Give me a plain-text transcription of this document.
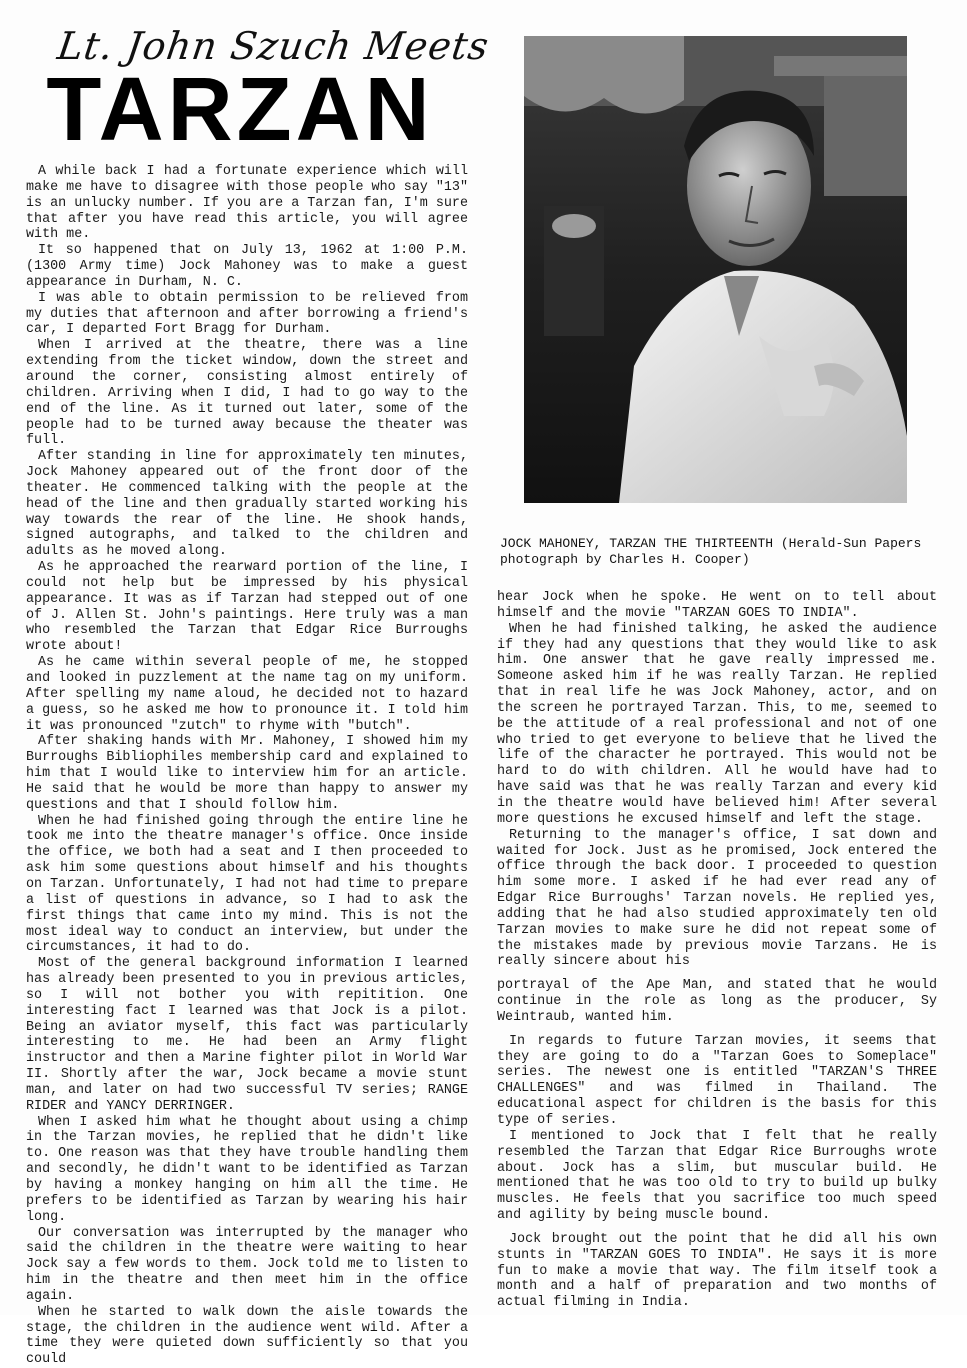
Lt. John Szuch Meets
TARZAN

A while back I had a fortunate experience which will make me have to disagree with those people who say "13" is an unlucky number. If you are a Tarzan fan, I'm sure that after you have read this article, you will agree with me.

It so happened that on July 13, 1962 at 1:00 P.M. (1300 Army time) Jock Mahoney was to make a guest appearance in Durham, N. C.

I was able to obtain permission to be relieved from my duties that afternoon and after borrowing a friend's car, I departed Fort Bragg for Durham.

When I arrived at the theatre, there was a line extending from the ticket window, down the street and around the corner, consisting almost entirely of children. Arriving when I did, I had to go way to the end of the line. As it turned out later, some of the people had to be turned away because the theater was full.

After standing in line for approximately ten minutes, Jock Mahoney appeared out of the front door of the theater. He commenced talking with the people at the head of the line and then gradually started working his way towards the rear of the line. He shook hands, signed autographs, and talked to the children and adults as he moved along.

As he approached the rearward portion of the line, I could not help but be impressed by his physical appearance. It was as if Tarzan had stepped out of one of J. Allen St. John's paintings. Here truly was a man who resembled the Tarzan that Edgar Rice Burroughs wrote about!

As he came within several people of me, he stopped and looked in puzzlement at the name tag on my uniform. After spelling my name aloud, he decided not to hazard a guess, so he asked me how to pronounce it. I told him it was pronounced "zutch" to rhyme with "butch".

After shaking hands with Mr. Mahoney, I showed him my Burroughs Bibliophiles membership card and explained to him that I would like to interview him for an article. He said that he would be more than happy to answer my questions and that I should follow him.

When he had finished going through the entire line he took me into the theatre manager's office. Once inside the office, we both had a seat and I then proceeded to ask him some questions about himself and his thoughts on Tarzan. Unfortunately, I had not had time to prepare a list of questions in advance, so I had to ask the first things that came into my mind. This is not the most ideal way to conduct an interview, but under the circumstances, it had to do.

Most of the general background information I learned has already been presented to you in previous articles, so I will not bother you with repitition. One interesting fact I learned was that Jock is a pilot. Being an aviator myself, this fact was particularly interesting to me. He had been an Army flight instructor and then a Marine fighter pilot in World War II. Shortly after the war, Jock became a movie stunt man, and later on had two successful TV series; RANGE RIDER and YANCY DERRINGER.

When I asked him what he thought about using a chimp in the Tarzan movies, he replied that he didn't like to. One reason was that they have trouble handling them and secondly, he didn't want to be identified as Tarzan by having a monkey hanging on him all the time. He prefers to be identified as Tarzan by wearing his hair long.

Our conversation was interrupted by the manager who said the children in the theatre were waiting to hear Jock say a few words to them. Jock told me to listen to him in the theatre and then meet him in the office again.

When he started to walk down the aisle towards the stage, the children in the audience went wild. After a time they were quieted down sufficiently so that you could

JOCK MAHONEY, TARZAN THE THIRTEENTH (Herald-Sun Papers photograph by Charles H. Cooper)

hear Jock when he spoke. He went on to tell about himself and the movie "TARZAN GOES TO INDIA".

When he had finished talking, he asked the audience if they had any questions that they would like to ask him. One answer that he gave really impressed me. Someone asked him if he was really Tarzan. He replied that in real life he was Jock Mahoney, actor, and on the screen he portrayed Tarzan. This, to me, seemed to be the attitude of a real professional and not of one who tried to get everyone to believe that he lived the life of the character he portrayed. This would not be hard to do with children. All he would have had to have said was that he was really Tarzan and every kid in the theatre would have believed him! After several more questions he excused himself and left the stage.

Returning to the manager's office, I sat down and waited for Jock. Just as he promised, Jock entered the office through the back door. I proceeded to question him some more. I asked if he had ever read any of Edgar Rice Burroughs' Tarzan novels. He replied yes, adding that he had also studied approximately ten old Tarzan movies to make sure he did not repeat some of the mistakes made by previous movie Tarzans. He is really sincere about his

portrayal of the Ape Man, and stated that he would continue in the role as long as the producer, Sy Weintraub, wanted him.

In regards to future Tarzan movies, it seems that they are going to do a "Tarzan Goes to Someplace" series. The newest one is entitled "TARZAN'S THREE CHALLENGES" and was filmed in Thailand. The educational aspect for children is the basis for this type of series.

I mentioned to Jock that I felt that he really resembled the Tarzan that Edgar Rice Burroughs wrote about. Jock has a slim, but muscular build. He mentioned that he was too old to try to build up bulky muscles. He feels that you sacrifice too much speed and agility by being muscle bound.

Jock brought out the point that he did all his own stunts in "TARZAN GOES TO INDIA". He says it is more fun to make a movie that way. The film itself took a month and a half of preparation and two months of actual filming in India.
